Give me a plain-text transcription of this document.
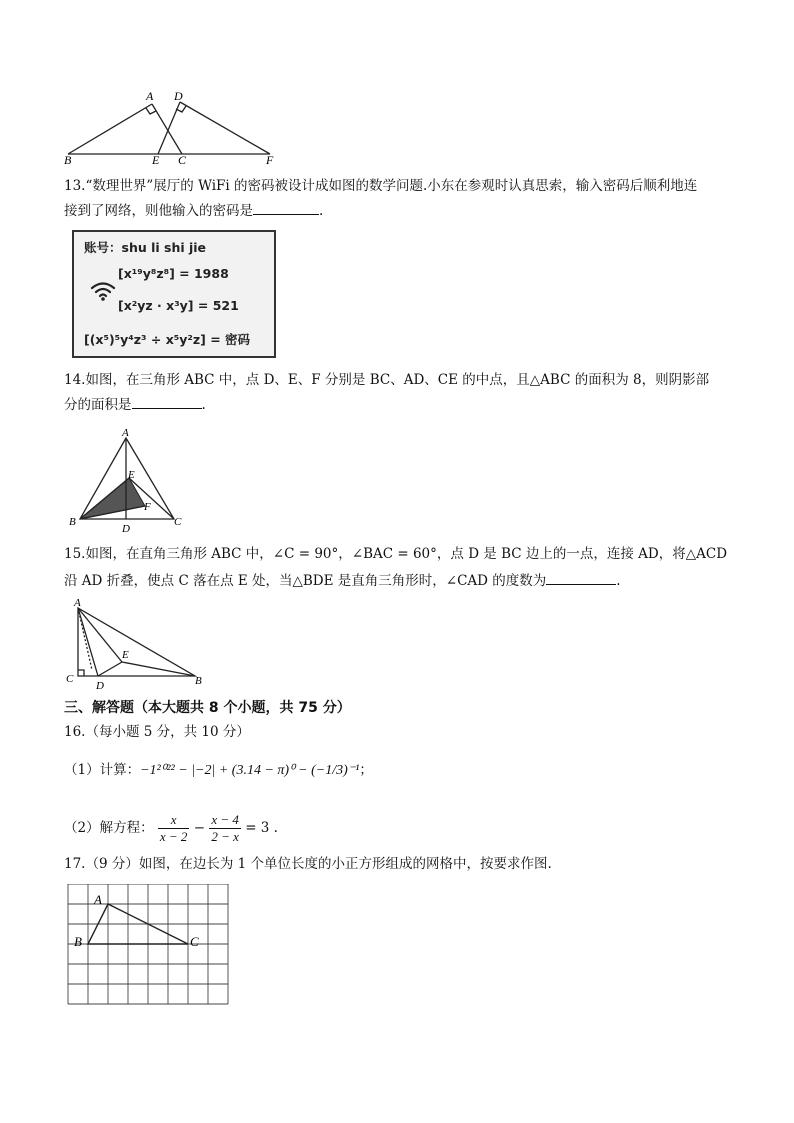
A D
B	E C	F
13.“数理世界”展厅的 WiFi 的密码被设计成如图的数学问题.小东在参观时认真思索，输入密码后顺利地连
接到了网络，则他输入的密码是	.
账号：shu li shi jie
[x¹⁹y⁸z⁸] = 1988
[x²yz · x³y] = 521
[(x⁵)⁵y⁴z³ ÷ x⁵y²z] = 密码
14.如图，在三角形 ABC 中，点 D、E、F 分别是 BC、AD、CE 的中点，且△ABC 的面积为 8，则阴影部
分的面积是	.
A
E
F
B
D
C
15.如图，在直角三角形 ABC 中，∠C = 90°，∠BAC = 60°，点 D 是 BC 边上的一点，连接 AD，将△ACD
沿 AD 折叠，使点 C 落在点 E 处，当△BDE 是直角三角形时，∠CAD 的度数为	.
A
E
C
D	B
三、解答题（本大题共 8 个小题，共 75 分）
16.（每小题 5 分，共 10 分）
（1）计算：−1²⁰²² − |−2| + (3.14 − π)⁰ − (−1/3)⁻¹；
（2）解方程： $\frac{x}{x - 2} - \frac{x - 4}{2 - x} = 3$ .
17.（9 分）如图，在边长为 1 个单位长度的小正方形组成的网格中，按要求作图.
A
B	C
